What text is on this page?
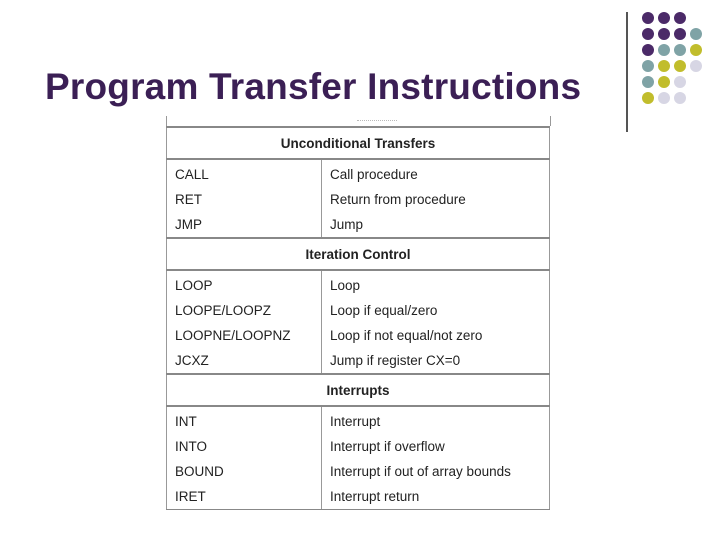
Program Transfer Instructions
Unconditional Transfers	
CALL	Call procedure
RET	Return from procedure
JMP	Jump
Iteration Control	
LOOP	Loop
LOOPE/LOOPZ	Loop if equal/zero
LOOPNE/LOOPNZ	Loop if not equal/not zero
JCXZ	Jump if register CX=0
Interrupts	
INT	Interrupt
INTO	Interrupt if overflow
BOUND	Interrupt if out of array bounds
IRET	Interrupt return
